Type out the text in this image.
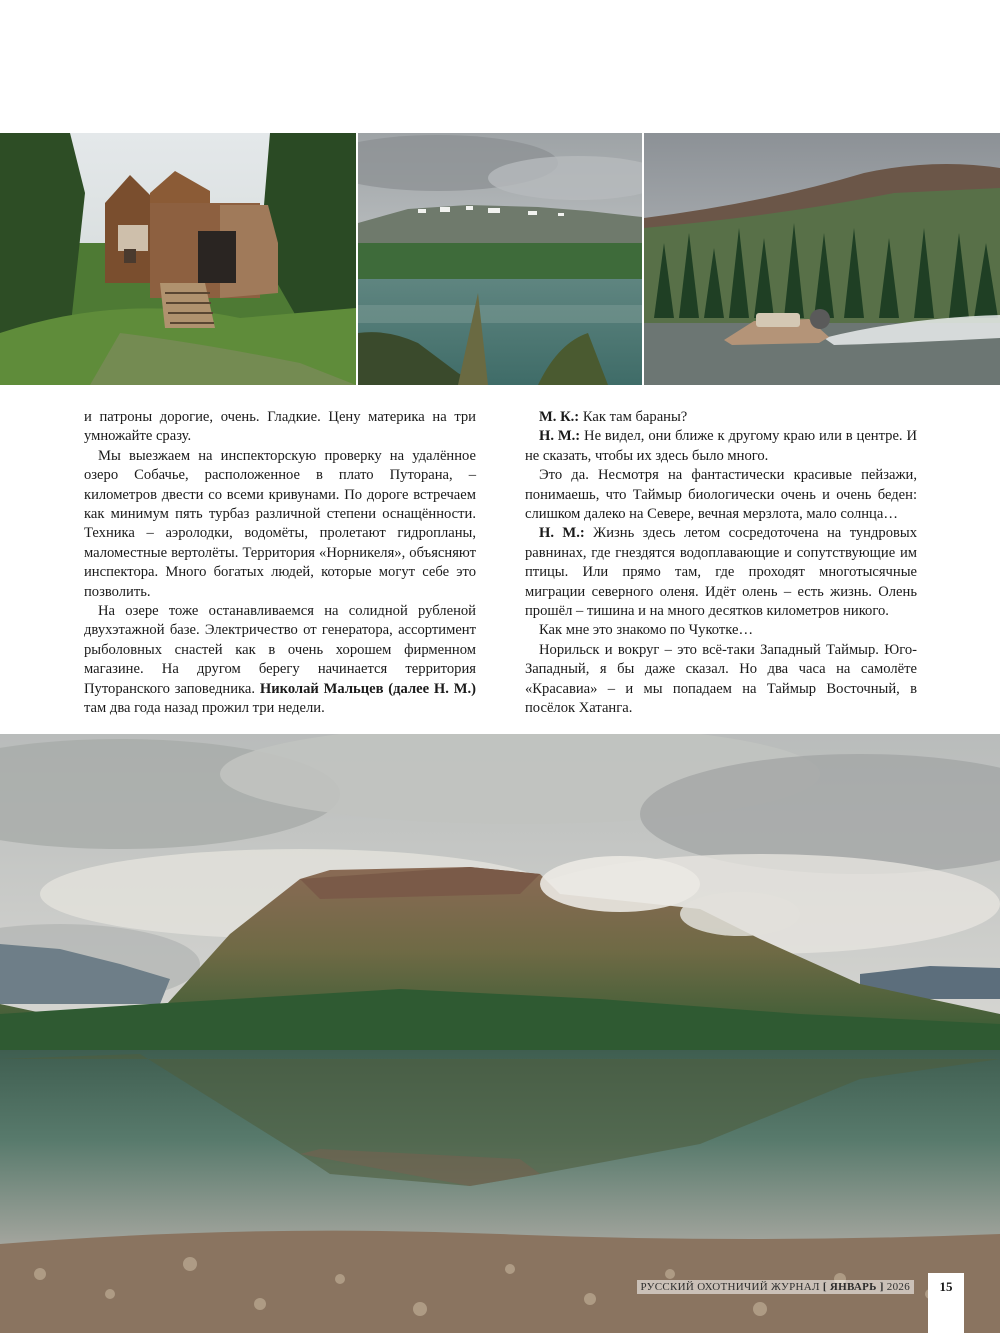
и патроны дорогие, очень. Гладкие. Цену материка на три умножайте сразу.

Мы выезжаем на инспекторскую проверку на удалённое озеро Собачье, расположенное в плато Путорана, – километров двести со всеми кривунами. По дороге встречаем как минимум пять турбаз различной степени оснащённости. Техника – аэролодки, водомёты, пролетают гидропланы, маломестные вертолёты. Территория «Норникеля», объясняют инспектора. Много богатых людей, которые могут себе это позволить.

На озере тоже останавливаемся на солидной рубленой двухэтажной базе. Электричество от генератора, ассортимент рыболовных снастей как в очень хорошем фирменном магазине. На другом берегу начинается территория Путоранского заповедника. Николай Мальцев (далее Н. М.) там два года назад прожил три недели.

М. К.: Как там бараны?

Н. М.: Не видел, они ближе к другому краю или в центре. И не сказать, чтобы их здесь было много.

Это да. Несмотря на фантастически красивые пейзажи, понимаешь, что Таймыр биологически очень и очень беден: слишком далеко на Севере, вечная мерзлота, мало солнца…

Н. М.: Жизнь здесь летом сосредоточена на тундровых равнинах, где гнездятся водоплавающие и сопутствующие им птицы. Или прямо там, где проходят многотысячные миграции северного оленя. Идёт олень – есть жизнь. Олень прошёл – тишина и на много десятков километров никого.

Как мне это знакомо по Чукотке…

Норильск и вокруг – это всё-таки Западный Таймыр. Юго-Западный, я бы даже сказал. Но два часа на самолёте «Красавиа» – и мы попадаем на Таймыр Восточный, в посёлок Хатанга.

РУССКИЙ ОХОТНИЧИЙ ЖУРНАЛ [ ЯНВАРЬ ] 2026	15
